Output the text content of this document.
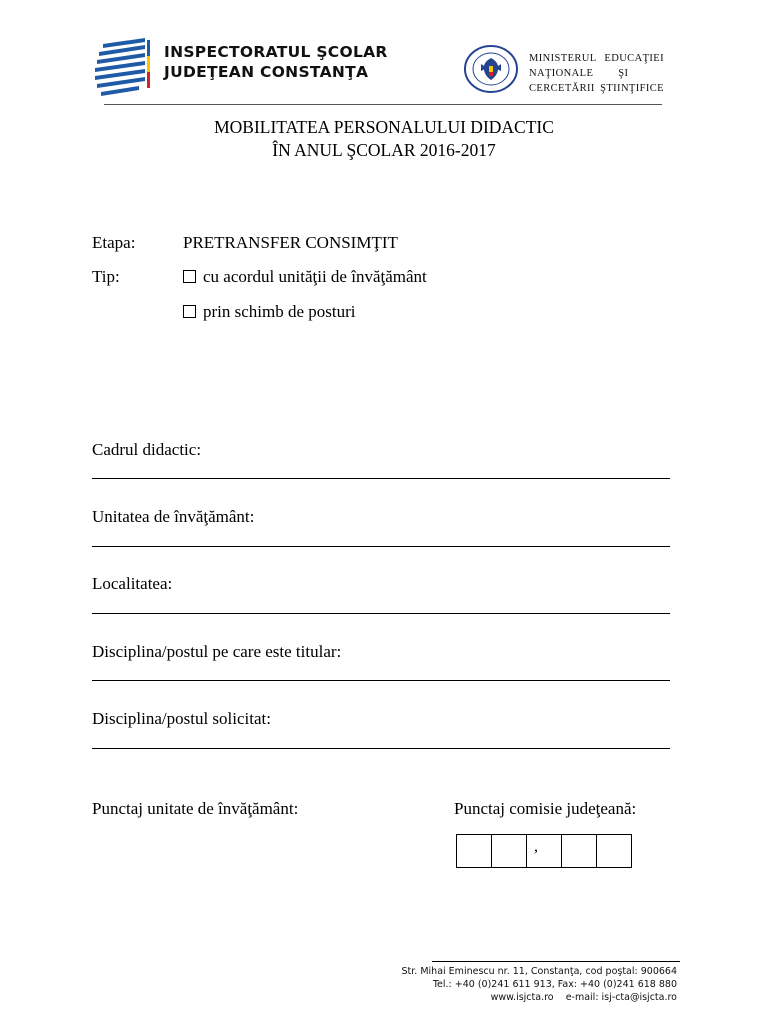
INSPECTORATUL ŞCOLAR
JUDEŢEAN CONSTANŢA
MINISTERUL EDUCAŢIEI
NAŢIONALE ŞI
CERCETĂRII ŞTIINŢIFICE
MOBILITATEA PERSONALULUI DIDACTIC
ÎN ANUL ŞCOLAR 2016-2017
Etapa:	PRETRANSFER CONSIMŢIT
Tip:	cu acordul unităţii de învăţământ
prin schimb de posturi
Cadrul didactic:
Unitatea de învăţământ:
Localitatea:
Disciplina/postul pe care este titular:
Disciplina/postul solicitat:
Punctaj unitate de învăţământ:	Punctaj comisie judeţeană:
,
Str. Mihai Eminescu nr. 11, Constanţa, cod poştal: 900664
Tel.: +40 (0)241 611 913, Fax: +40 (0)241 618 880
www.isjcta.ro    e-mail: isj-cta@isjcta.ro
